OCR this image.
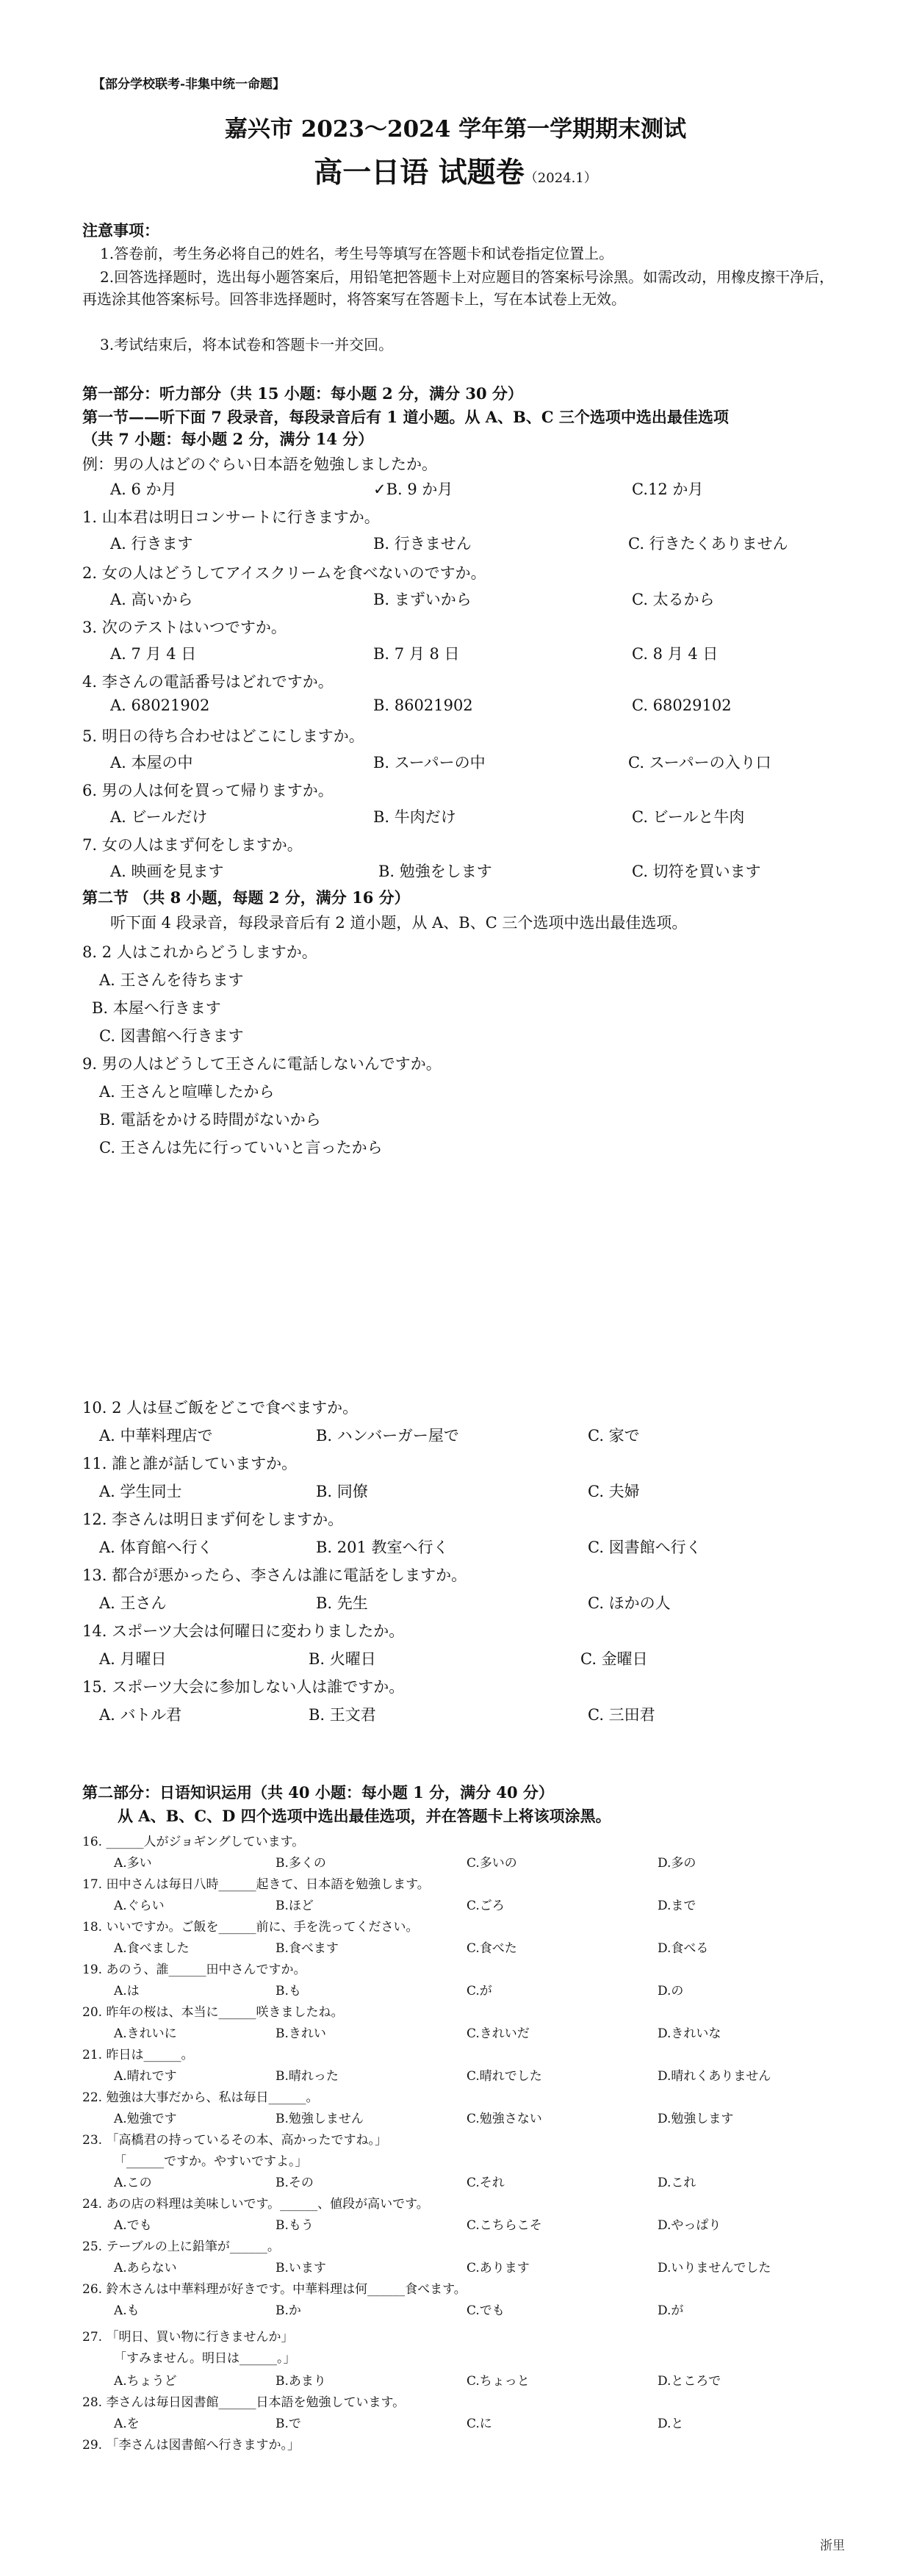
【部分学校联考-非集中统一命题】
嘉兴市 2023～2024 学年第一学期期末测试
高一日语 试题卷（2024.1）
注意事项：
1.答卷前，考生务必将自己的姓名，考生号等填写在答题卡和试卷指定位置上。
2.回答选择题时，选出每小题答案后，用铅笔把答题卡上对应题目的答案标号涂黑。如需改动，用橡皮擦干净后，再选涂其他答案标号。回答非选择题时，将答案写在答题卡上，写在本试卷上无效。
3.考试结束后，将本试卷和答题卡一并交回。
第一部分：听力部分（共 15 小题：每小题 2 分，满分 30 分）
第一节——听下面 7 段录音，每段录音后有 1 道小题。从 A、B、C 三个选项中选出最佳选项
（共 7 小题：每小题 2 分，满分 14 分）
例：男の人はどのぐらい日本語を勉強しましたか。
A. 6 か月	✓B. 9 か月	C.12 か月
1. 山本君は明日コンサートに行きますか。
A. 行きます	B. 行きません	C. 行きたくありません
2. 女の人はどうしてアイスクリームを食べないのですか。
A. 高いから	B. まずいから	C. 太るから
3. 次のテストはいつですか。
A. 7 月 4 日	B. 7 月 8 日	C. 8 月 4 日
4. 李さんの電話番号はどれですか。
A. 68021902	B. 86021902	C. 68029102
5. 明日の待ち合わせはどこにしますか。
A. 本屋の中	B. スーパーの中	C. スーパーの入り口
6. 男の人は何を買って帰りますか。
A. ビールだけ	B. 牛肉だけ	C. ビールと牛肉
7. 女の人はまず何をしますか。
A. 映画を見ます	B. 勉強をします	C. 切符を買います
第二节 （共 8 小题，每题 2 分，满分 16 分）
听下面 4 段录音，每段录音后有 2 道小题，从 A、B、C 三个选项中选出最佳选项。
8. 2 人はこれからどうしますか。
A. 王さんを待ちます
B. 本屋へ行きます
C. 図書館へ行きます
9. 男の人はどうして王さんに電話しないんですか。
A. 王さんと喧嘩したから
B. 電話をかける時間がないから
C. 王さんは先に行っていいと言ったから
10. 2 人は昼ご飯をどこで食べますか。
A. 中華料理店で	B. ハンバーガー屋で	C. 家で
11. 誰と誰が話していますか。
A. 学生同士	B. 同僚	C. 夫婦
12. 李さんは明日まず何をしますか。
A. 体育館へ行く	B. 201 教室へ行く	C. 図書館へ行く
13. 都合が悪かったら、李さんは誰に電話をしますか。
A. 王さん	B. 先生	C. ほかの人
14. スポーツ大会は何曜日に変わりましたか。
A. 月曜日	B. 火曜日	C. 金曜日
15. スポーツ大会に参加しない人は誰ですか。
A. バトル君	B. 王文君	C. 三田君
第二部分：日语知识运用（共 40 小题：每小题 1 分，满分 40 分）
从 A、B、C、D 四个选项中选出最佳选项，并在答题卡上将该项涂黑。
16. ______人がジョギングしています。
A.多い	B.多くの	C.多いの	D.多の
17. 田中さんは毎日八時______起きて、日本語を勉強します。
A.ぐらい	B.ほど	C.ごろ	D.まで
18. いいですか。ご飯を______前に、手を洗ってください。
A.食べました	B.食べます	C.食べた	D.食べる
19. あのう、誰______田中さんですか。
A.は	B.も	C.が	D.の
20. 昨年の桜は、本当に______咲きましたね。
A.きれいに	B.きれい	C.きれいだ	D.きれいな
21. 昨日は______。
A.晴れです	B.晴れった	C.晴れでした	D.晴れくありません
22. 勉強は大事だから、私は毎日______。
A.勉強です	B.勉強しません	C.勉強さない	D.勉強します
23. 「高橋君の持っているその本、高かったですね。」
「______ですか。やすいですよ。」
A.この	B.その	C.それ	D.これ
24. あの店の料理は美味しいです。______、値段が高いです。
A.でも	B.もう	C.こちらこそ	D.やっぱり
25. テーブルの上に鉛筆が______。
A.あらない	B.います	C.あります	D.いりませんでした
26. 鈴木さんは中華料理が好きです。中華料理は何______食べます。
A.も	B.か	C.でも	D.が
27. 「明日、買い物に行きませんか」
「すみません。明日は______。」
A.ちょうど	B.あまり	C.ちょっと	D.ところで
28. 李さんは毎日図書館______日本語を勉強しています。
A.を	B.で	C.に	D.と
29. 「李さんは図書館へ行きますか。」
浙里
